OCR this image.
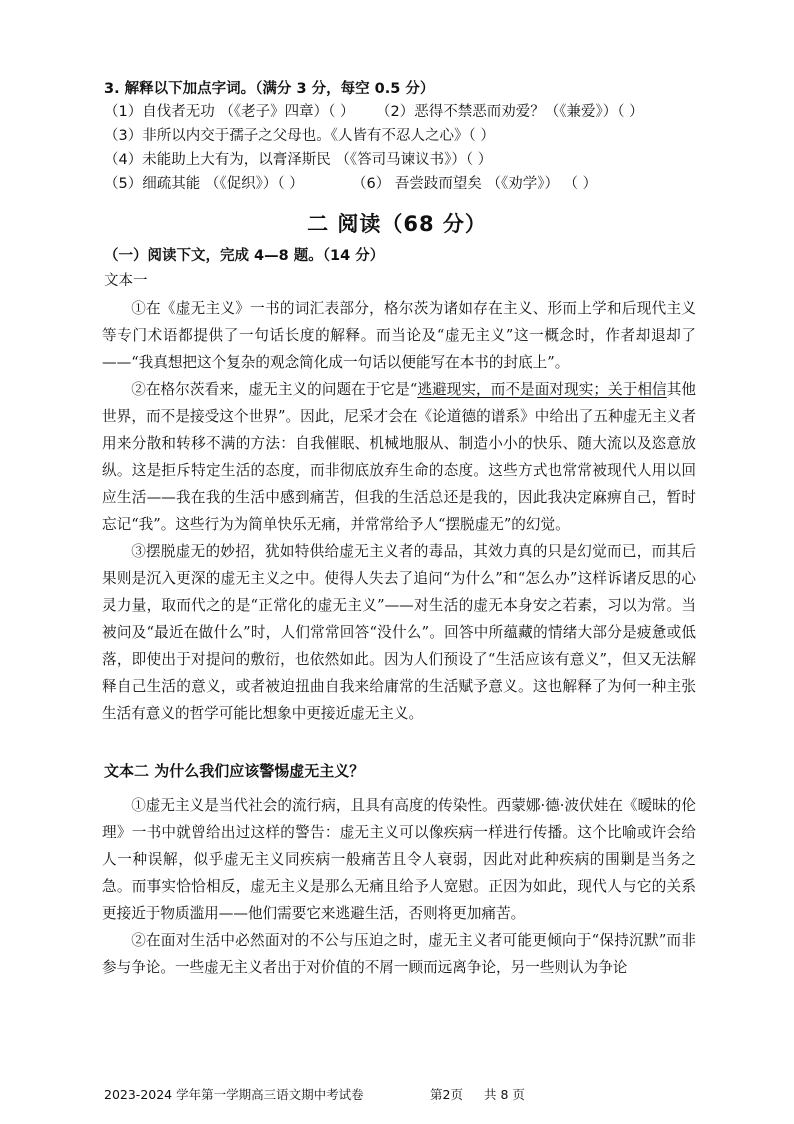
3. 解释以下加点字词。（满分 3 分，每空 0.5 分）
（1）自伐者无功 （《老子》四章）（ ） （2）恶得不禁恶而劝爱？（《兼爱》）（ ）
（3）非所以内交于孺子之父母也。《人皆有不忍人之心》（ ）
（4）未能助上大有为，以膏泽斯民 （《答司马谏议书》）（ ）
（5）细疏其能 （《促织》）（ ）	（6） 吾尝跂而望矣 （《劝学》） （ ）
二 阅读（68 分）
（一）阅读下文，完成 4—8 题。（14 分）
文本一

①在《虚无主义》一书的词汇表部分，格尔茨为诸如存在主义、形而上学和后现代主义等专门术语都提供了一句话长度的解释。而当论及“虚无主义”这一概念时，作者却退却了——“我真想把这个复杂的观念简化成一句话以便能写在本书的封底上”。

②在格尔茨看来，虚无主义的问题在于它是“逃避现实，而不是面对现实；关于相信其他世界，而不是接受这个世界”。因此，尼采才会在《论道德的谱系》中给出了五种虚无主义者用来分散和转移不满的方法：自我催眠、机械地服从、制造小小的快乐、随大流以及恣意放纵。这是拒斥特定生活的态度，而非彻底放弃生命的态度。这些方式也常常被现代人用以回应生活——我在我的生活中感到痛苦，但我的生活总还是我的，因此我决定麻痹自己，暂时忘记“我”。这些行为为简单快乐无痛，并常常给予人“摆脱虚无”的幻觉。

③摆脱虚无的妙招，犹如特供给虚无主义者的毒品，其效力真的只是幻觉而已，而其后果则是沉入更深的虚无主义之中。使得人失去了追问“为什么”和“怎么办”这样诉诸反思的心灵力量，取而代之的是“正常化的虚无主义”——对生活的虚无本身安之若素，习以为常。当被问及“最近在做什么”时，人们常常回答“没什么”。回答中所蕴藏的情绪大部分是疲惫或低落，即使出于对提问的敷衍，也依然如此。因为人们预设了“生活应该有意义”，但又无法解释自己生活的意义，或者被迫扭曲自我来给庸常的生活赋予意义。这也解释了为何一种主张生活有意义的哲学可能比想象中更接近虚无主义。

文本二 为什么我们应该警惕虚无主义？

①虚无主义是当代社会的流行病，且具有高度的传染性。西蒙娜·德·波伏娃在《暧昧的伦理》一书中就曾给出过这样的警告：虚无主义可以像疾病一样进行传播。这个比喻或许会给人一种误解，似乎虚无主义同疾病一般痛苦且令人衰弱，因此对此种疾病的围剿是当务之急。而事实恰恰相反，虚无主义是那么无痛且给予人宽慰。正因为如此，现代人与它的关系更接近于物质滥用——他们需要它来逃避生活，否则将更加痛苦。

②在面对生活中必然面对的不公与压迫之时，虚无主义者可能更倾向于“保持沉默”而非参与争论。一些虚无主义者出于对价值的不屑一顾而远离争论，另一些则认为争论

2023-2024 学年第一学期高三语文期中考试卷	第2页 共 8 页
